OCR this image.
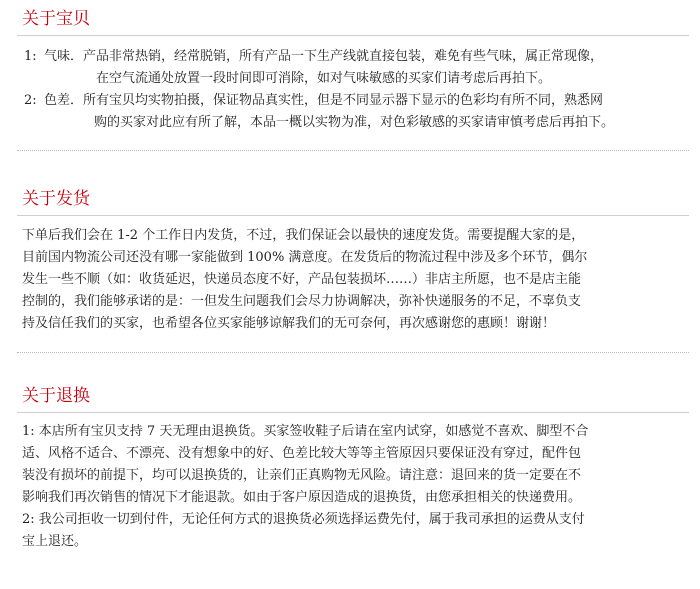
关于宝贝
1: 气味．产品非常热销，经常脱销，所有产品一下生产线就直接包装，难免有些气味，属正常现像，
在空气流通处放置一段时间即可消除，如对气味敏感的买家们请考虑后再拍下。
2: 色差．所有宝贝均实物拍摄，保证物品真实性，但是不同显示器下显示的色彩均有所不同，熟悉网
购的买家对此应有所了解，本品一概以实物为准，对色彩敏感的买家请审慎考虑后再拍下。
关于发货
下单后我们会在 1-2 个工作日内发货，不过，我们保证会以最快的速度发货。需要提醒大家的是，
目前国内物流公司还没有哪一家能做到 100% 满意度。在发货后的物流过程中涉及多个环节，偶尔
发生一些不顺（如：收货延迟，快递员态度不好，产品包装损坏……）非店主所愿，也不是店主能
控制的，我们能够承诺的是：一但发生问题我们会尽力协调解决，弥补快递服务的不足，不辜负支
持及信任我们的买家，也希望各位买家能够谅解我们的无可奈何，再次感谢您的惠顾！谢谢！
关于退换
1: 本店所有宝贝支持 7 天无理由退换货。买家签收鞋子后请在室内试穿，如感觉不喜欢、脚型不合
适、风格不适合、不漂亮、没有想象中的好、色差比较大等等主管原因只要保证没有穿过，配件包
装没有损坏的前提下，均可以退换货的，让亲们正真购物无风险。请注意：退回来的货一定要在不
影响我们再次销售的情况下才能退款。如由于客户原因造成的退换货，由您承担相关的快递费用。
2: 我公司拒收一切到付件，无论任何方式的退换货必须选择运费先付，属于我司承担的运费从支付
宝上退还。
